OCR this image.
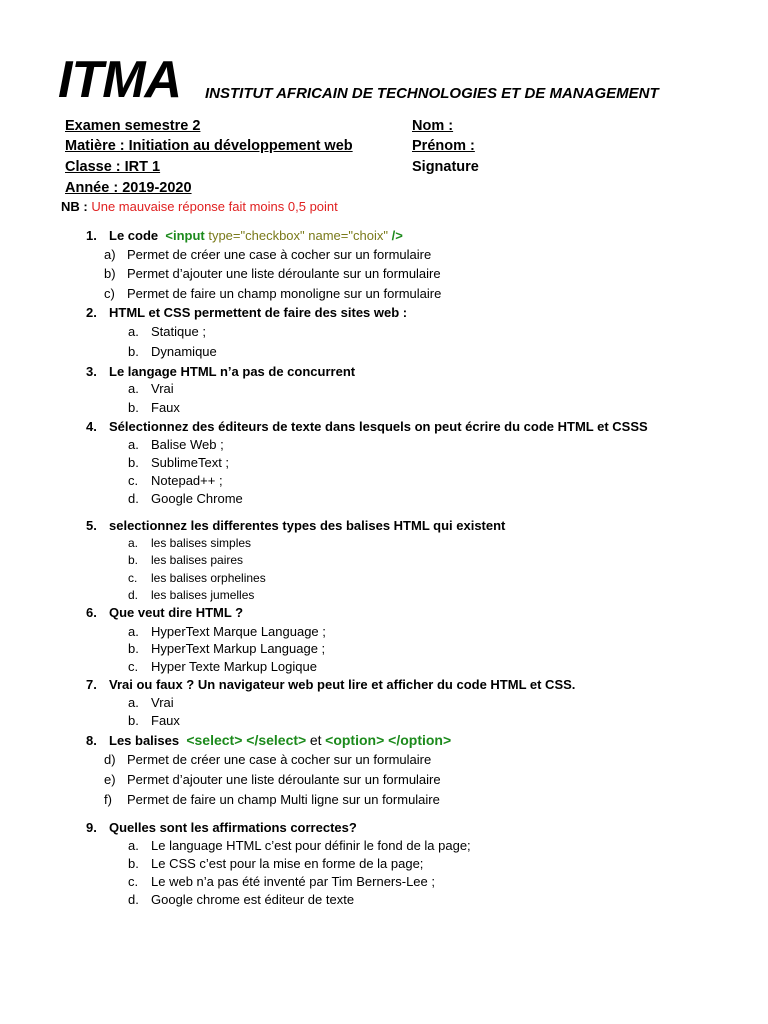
ITMA INSTITUT AFRICAIN DE TECHNOLOGIES ET DE MANAGEMENT
Examen semestre 2
Matière : Initiation au développement web
Classe : IRT 1
Année : 2019-2020
Nom :
Prénom :
Signature
NB : Une mauvaise réponse fait moins 0,5 point
1. Le code <input type="checkbox" name="choix" />
a) Permet de créer une case à cocher sur un formulaire
b) Permet d’ajouter une liste déroulante sur un formulaire
c) Permet de faire un champ monoligne sur un formulaire
2. HTML et CSS permettent de faire des sites web :
a. Statique ;
b. Dynamique
3. Le langage HTML n’a pas de concurrent
a. Vrai
b. Faux
4. Sélectionnez des éditeurs de texte dans lesquels on peut écrire du code HTML et CSSS
a. Balise Web ;
b. SublimeText ;
c. Notepad++ ;
d. Google Chrome
5. selectionnez les differentes types des balises HTML qui existent
a. les balises simples
b. les balises paires
c. les balises orphelines
d. les balises jumelles
6. Que veut dire HTML ?
a. HyperText Marque Language ;
b. HyperText Markup Language ;
c. Hyper Texte Markup Logique
7. Vrai ou faux ? Un navigateur web peut lire et afficher du code HTML et CSS.
a. Vrai
b. Faux
8. Les balises <select> </select> et <option> </option>
d) Permet de créer une case à cocher sur un formulaire
e) Permet d’ajouter une liste déroulante sur un formulaire
f) Permet de faire un champ Multi ligne sur un formulaire
9. Quelles sont les affirmations correctes?
a. Le language HTML c’est pour définir le fond de la page;
b. Le CSS c’est pour la mise en forme de la page;
c. Le web n’a pas été inventé par Tim Berners-Lee ;
d. Google chrome est éditeur de texte
